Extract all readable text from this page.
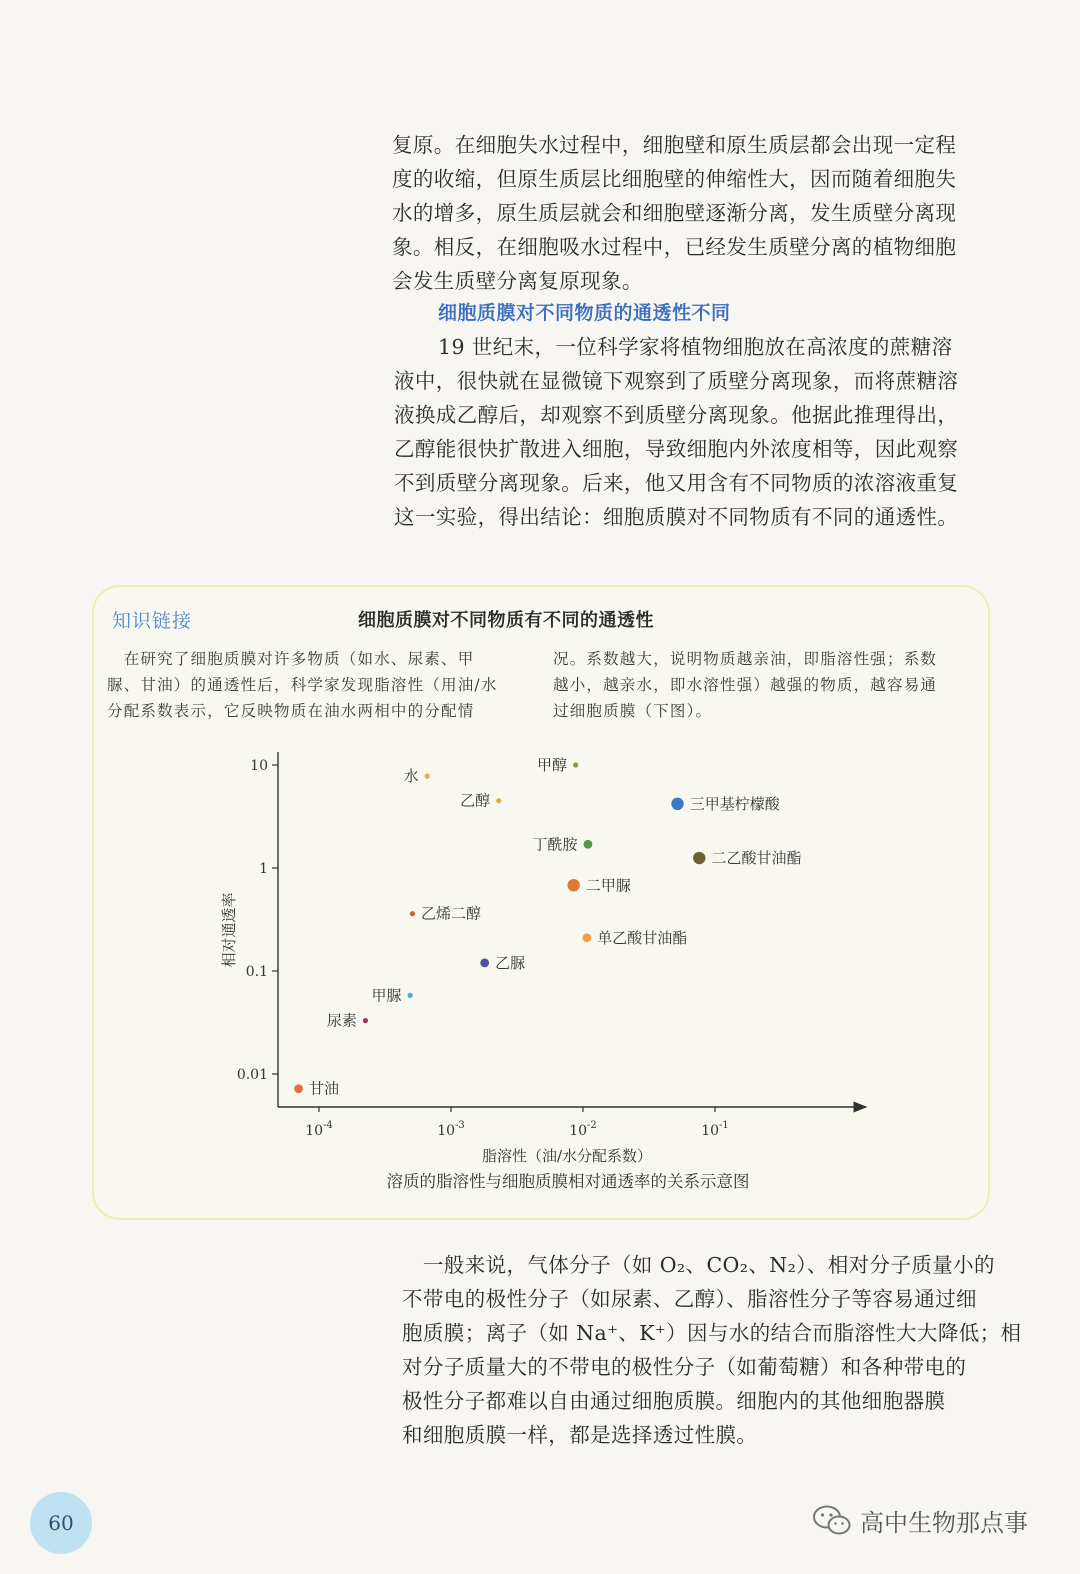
复原。在细胞失水过程中，细胞壁和原生质层都会出现一定程
度的收缩，但原生质层比细胞壁的伸缩性大，因而随着细胞失
水的增多，原生质层就会和细胞壁逐渐分离，发生质壁分离现
象。相反，在细胞吸水过程中，已经发生质壁分离的植物细胞
会发生质壁分离复原现象。
细胞质膜对不同物质的通透性不同
19 世纪末，一位科学家将植物细胞放在高浓度的蔗糖溶
液中，很快就在显微镜下观察到了质壁分离现象，而将蔗糖溶
液换成乙醇后，却观察不到质壁分离现象。他据此推理得出，
乙醇能很快扩散进入细胞，导致细胞内外浓度相等，因此观察
不到质壁分离现象。后来，他又用含有不同物质的浓溶液重复
这一实验，得出结论：细胞质膜对不同物质有不同的通透性。
知识链接	细胞质膜对不同物质有不同的通透性
　在研究了细胞质膜对许多物质（如水、尿素、甲
脲、甘油）的通透性后，科学家发现脂溶性（用油/水
分配系数表示，它反映物质在油水两相中的分配情
况。系数越大，说明物质越亲油，即脂溶性强；系数
越小，越亲水，即水溶性强）越强的物质，越容易通
过细胞质膜（下图）。
10
1
0.1
0.01
$10^{-4}$	$10^{-3}$	$10^{-2}$	$10^{-1}$
水
甲醇
乙醇	三甲基柠檬酸
丁酰胺
二乙酸甘油酯
二甲脲
乙烯二醇
单乙酸甘油酯
乙脲
甲脲
尿素
甘油
脂溶性（油/水分配系数）
溶质的脂溶性与细胞质膜相对通透率的关系示意图
相对通透率
　一般来说，气体分子（如 O₂、CO₂、N₂）、相对分子质量小的
不带电的极性分子（如尿素、乙醇）、脂溶性分子等容易通过细
胞质膜；离子（如 Na⁺、K⁺）因与水的结合而脂溶性大大降低；相
对分子质量大的不带电的极性分子（如葡萄糖）和各种带电的
极性分子都难以自由通过细胞质膜。细胞内的其他细胞器膜
和细胞质膜一样，都是选择透过性膜。
60	高中生物那点事
